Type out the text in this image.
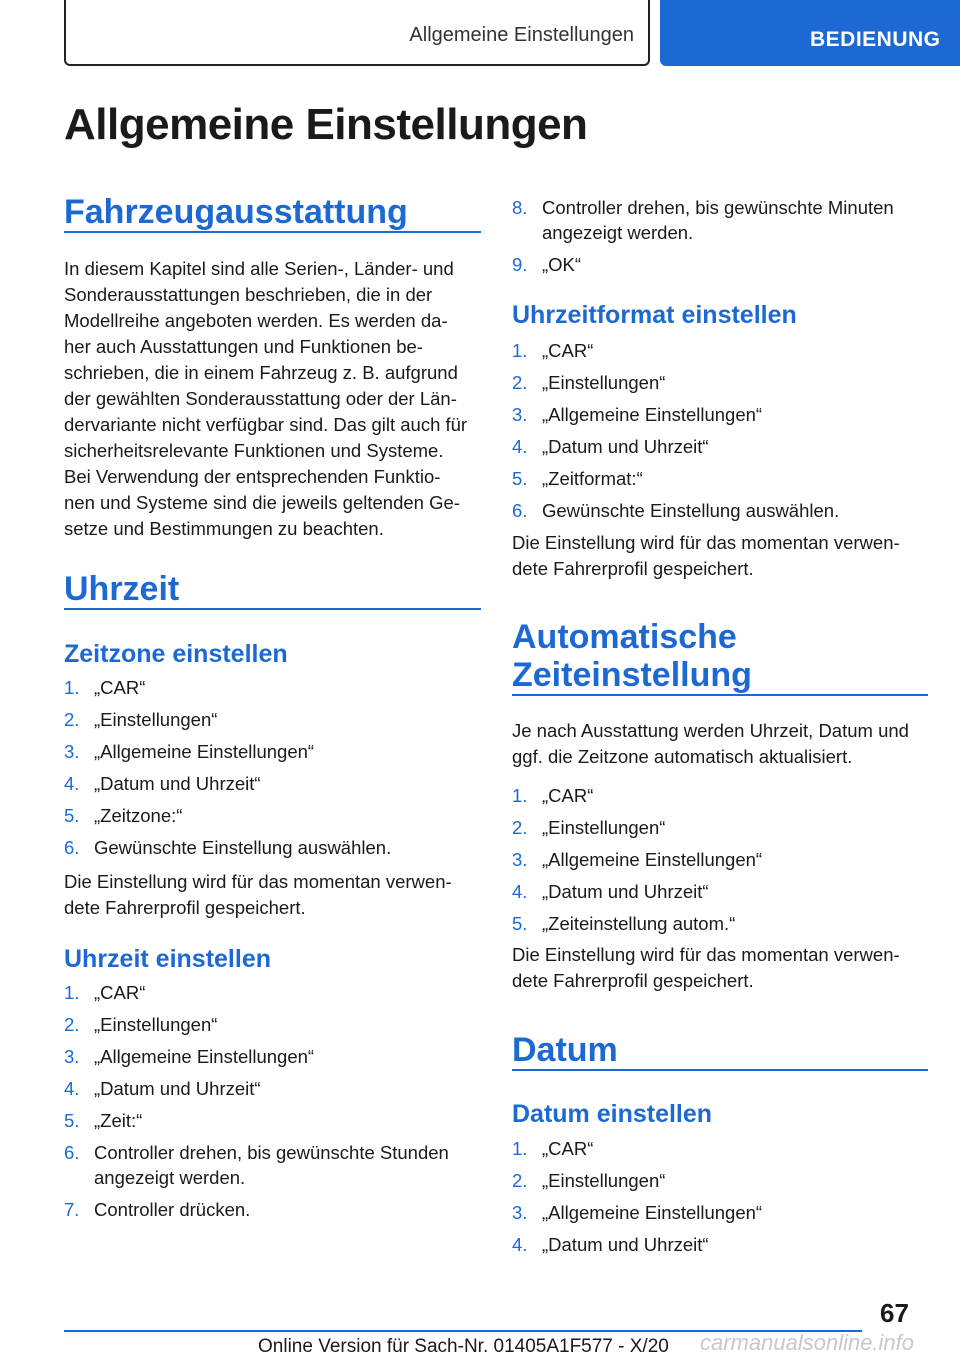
Allgemeine Einstellungen	BEDIENUNG
Allgemeine Einstellungen
Fahrzeugausstattung
In diesem Kapitel sind alle Serien-, Länder- und
Sonderausstattungen beschrieben, die in der
Modellreihe angeboten werden. Es werden da-
her auch Ausstattungen und Funktionen be-
schrieben, die in einem Fahrzeug z. B. aufgrund
der gewählten Sonderausstattung oder der Län-
dervariante nicht verfügbar sind. Das gilt auch für
sicherheitsrelevante Funktionen und Systeme.
Bei Verwendung der entsprechenden Funktio-
nen und Systeme sind die jeweils geltenden Ge-
setze und Bestimmungen zu beachten.
Uhrzeit
Zeitzone einstellen
1. „CAR“
2. „Einstellungen“
3. „Allgemeine Einstellungen“
4. „Datum und Uhrzeit“
5. „Zeitzone:“
6. Gewünschte Einstellung auswählen.
Die Einstellung wird für das momentan verwen-
dete Fahrerprofil gespeichert.
Uhrzeit einstellen
1. „CAR“
2. „Einstellungen“
3. „Allgemeine Einstellungen“
4. „Datum und Uhrzeit“
5. „Zeit:“
6. Controller drehen, bis gewünschte Stunden
angezeigt werden.
7. Controller drücken.
8. Controller drehen, bis gewünschte Minuten
angezeigt werden.
9. „OK“
Uhrzeitformat einstellen
1. „CAR“
2. „Einstellungen“
3. „Allgemeine Einstellungen“
4. „Datum und Uhrzeit“
5. „Zeitformat:“
6. Gewünschte Einstellung auswählen.
Die Einstellung wird für das momentan verwen-
dete Fahrerprofil gespeichert.
Automatische
Zeiteinstellung
Je nach Ausstattung werden Uhrzeit, Datum und
ggf. die Zeitzone automatisch aktualisiert.
1. „CAR“
2. „Einstellungen“
3. „Allgemeine Einstellungen“
4. „Datum und Uhrzeit“
5. „Zeiteinstellung autom.“
Die Einstellung wird für das momentan verwen-
dete Fahrerprofil gespeichert.
Datum
Datum einstellen
1. „CAR“
2. „Einstellungen“
3. „Allgemeine Einstellungen“
4. „Datum und Uhrzeit“
67
Online Version für Sach-Nr. 01405A1F577 - X/20 carmanualsonline.info
